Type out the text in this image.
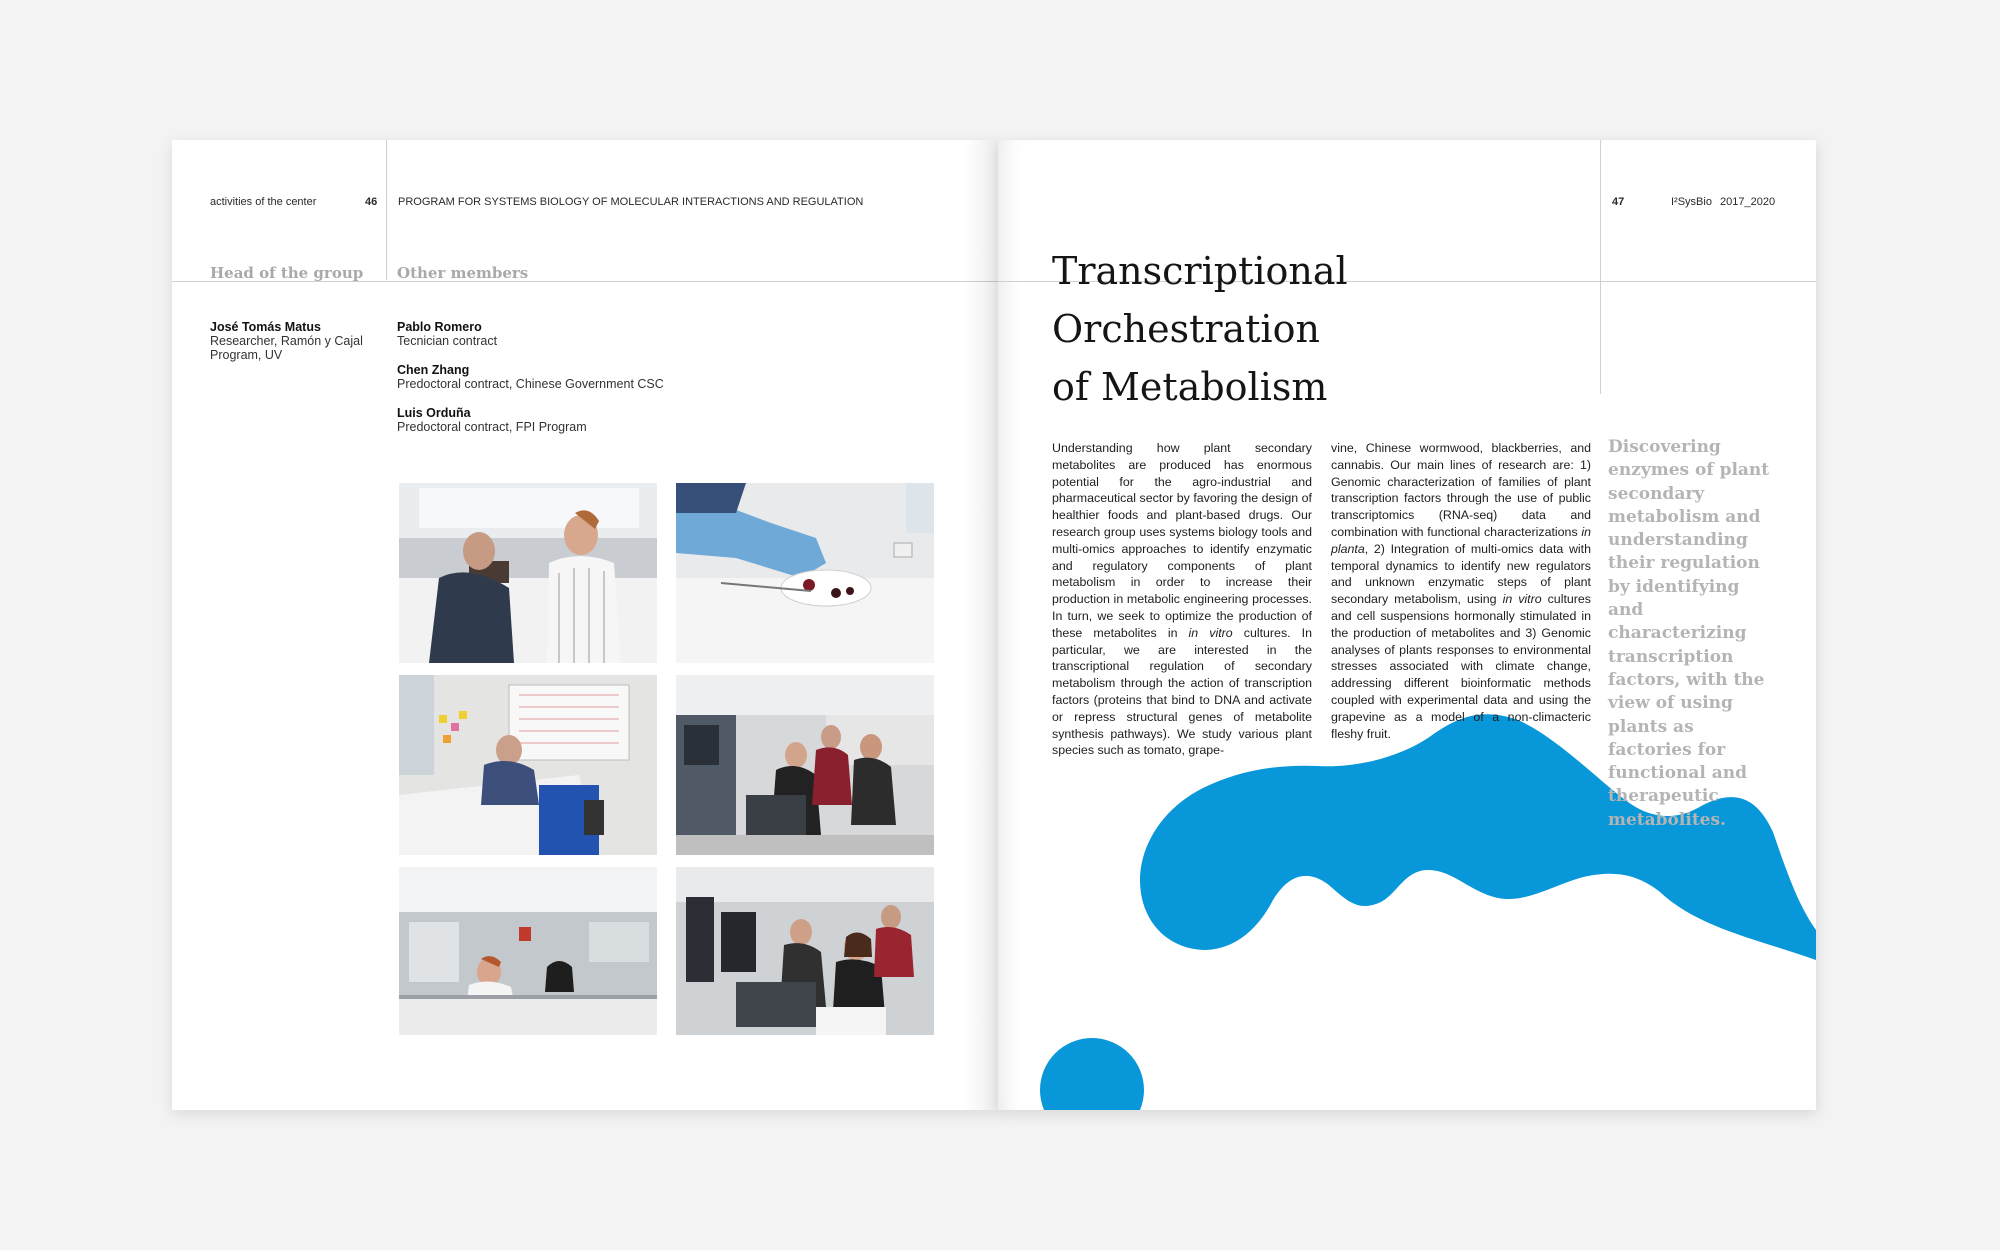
activities of the center	46 PROGRAM FOR SYSTEMS BIOLOGY OF MOLECULAR INTERACTIONS AND REGULATION
Head of the group Other members
José Tomás Matus
Researcher, Ramón y Cajal
Program, UV
Pablo Romero
Tecnician contract
Chen Zhang
Predoctoral contract, Chinese Government CSC
Luis Orduña
Predoctoral contract, FPI Program
47	I²SysBio 2017_2020
Transcriptional
Orchestration
of Metabolism

Understanding how plant secondary metabolites are produced has enormous potential for the agro-industrial and pharmaceutical sector by favoring the design of healthier foods and plant-based drugs. Our research group uses systems biology tools and multi-omics approaches to identify enzymatic and regulatory components of plant metabolism in order to increase their production in metabolic engineering processes. In turn, we seek to optimize the production of these metabolites in in vitro cultures. In particular, we are interested in the transcriptional regulation of secondary metabolism through the action of transcription factors (proteins that bind to DNA and activate or repress structural genes of metabolite synthesis pathways). We study various plant species such as tomato, grape-

vine, Chinese wormwood, blackberries, and cannabis. Our main lines of research are: 1) Genomic characterization of families of plant transcription factors through the use of public transcriptomics (RNA-seq) data and combination with functional characterizations in planta, 2) Integration of multi-omics data with temporal dynamics to identify new regulators and unknown enzymatic steps of plant secondary metabolism, using in vitro cultures and cell suspensions hormonally stimulated in the production of metabolites and 3) Genomic analyses of plants responses to environmental stresses associated with climate change, addressing different bioinformatic methods coupled with experimental data and using the grapevine as a model of a non-climacteric fleshy fruit.

Discovering enzymes of plant secondary metabolism and understanding their regulation by identifying and characterizing transcription factors, with the view of using plants as factories for functional and therapeutic metabolites.
